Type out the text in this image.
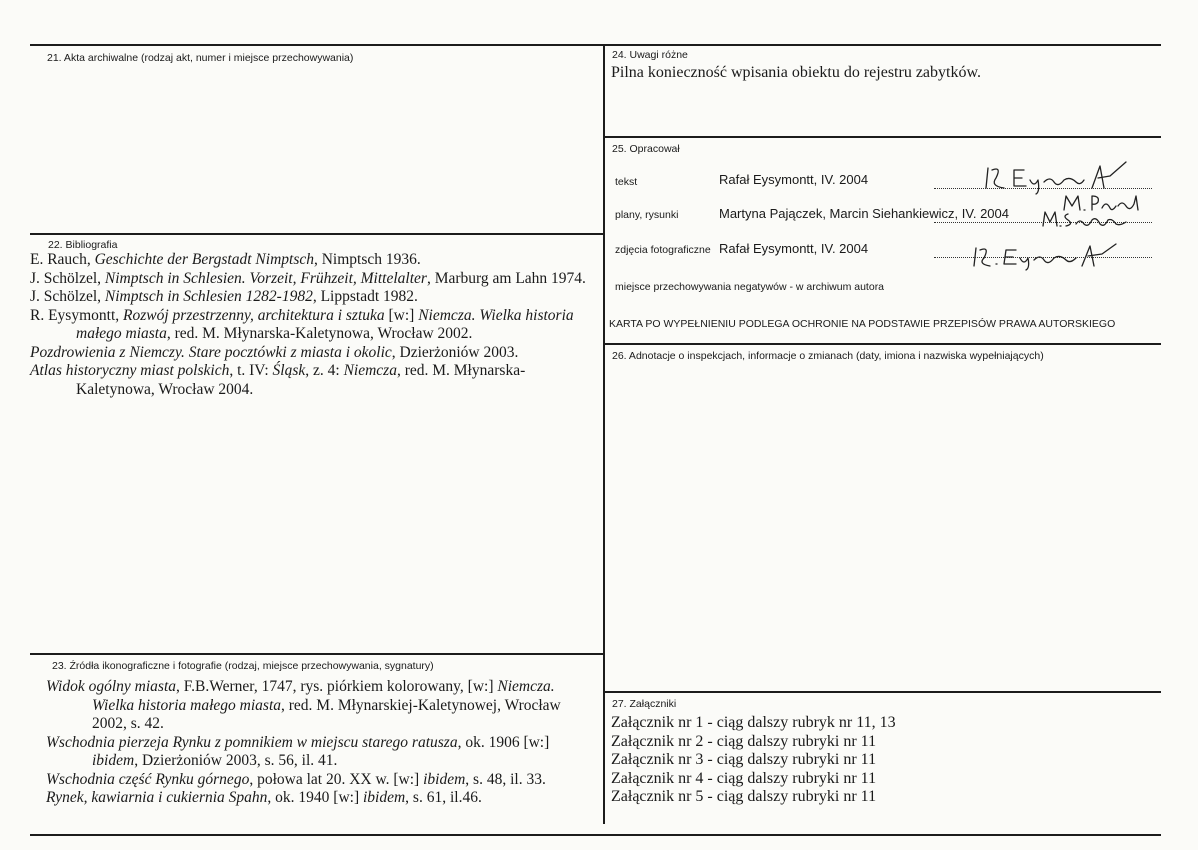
21. Akta archiwalne (rodzaj akt, numer i miejsce przechowywania)
22. Bibliografia
E. Rauch, Geschichte der Bergstadt Nimptsch, Nimptsch 1936.
J. Schölzel, Nimptsch in Schlesien. Vorzeit, Frühzeit, Mittelalter, Marburg am Lahn 1974.
J. Schölzel, Nimptsch in Schlesien 1282-1982, Lippstadt 1982.
R. Eysymontt, Rozwój przestrzenny, architektura i sztuka [w:] Niemcza. Wielka historia małego miasta, red. M. Młynarska-Kaletynowa, Wrocław 2002.
Pozdrowienia z Niemczy. Stare pocztówki z miasta i okolic, Dzierżoniów 2003.
Atlas historyczny miast polskich, t. IV: Śląsk, z. 4: Niemcza, red. M. Młynarska-Kaletynowa, Wrocław 2004.
23. Źródła ikonograficzne i fotografie (rodzaj, miejsce przechowywania, sygnatury)
Widok ogólny miasta, F.B.Werner, 1747, rys. piórkiem kolorowany, [w:] Niemcza. Wielka historia małego miasta, red. M. Młynarskiej-Kaletynowej, Wrocław 2002, s. 42.
Wschodnia pierzeja Rynku z pomnikiem w miejscu starego ratusza, ok. 1906 [w:] ibidem, Dzierżoniów 2003, s. 56, il. 41.
Wschodnia część Rynku górnego, połowa lat 20. XX w. [w:] ibidem, s. 48, il. 33.
Rynek, kawiarnia i cukiernia Spahn, ok. 1940 [w:] ibidem, s. 61, il.46.
24. Uwagi różne
Pilna konieczność wpisania obiektu do rejestru zabytków.
25. Opracował
tekst	Rafał Eysymontt, IV. 2004
plany, rysunki	Martyna Pajączek, Marcin Siehankiewicz, IV. 2004
zdjęcia fotograficzne Rafał Eysymontt, IV. 2004
miejsce przechowywania negatywów - w archiwum autora
KARTA PO WYPEŁNIENIU PODLEGA OCHRONIE NA PODSTAWIE PRZEPISÓW PRAWA AUTORSKIEGO
26. Adnotacje o inspekcjach, informacje o zmianach (daty, imiona i nazwiska wypełniających)
27. Załączniki
Załącznik nr 1 - ciąg dalszy rubryk nr 11, 13
Załącznik nr 2 - ciąg dalszy rubryki nr 11
Załącznik nr 3 - ciąg dalszy rubryki nr 11
Załącznik nr 4 - ciąg dalszy rubryki nr 11
Załącznik nr 5 - ciąg dalszy rubryki nr 11
